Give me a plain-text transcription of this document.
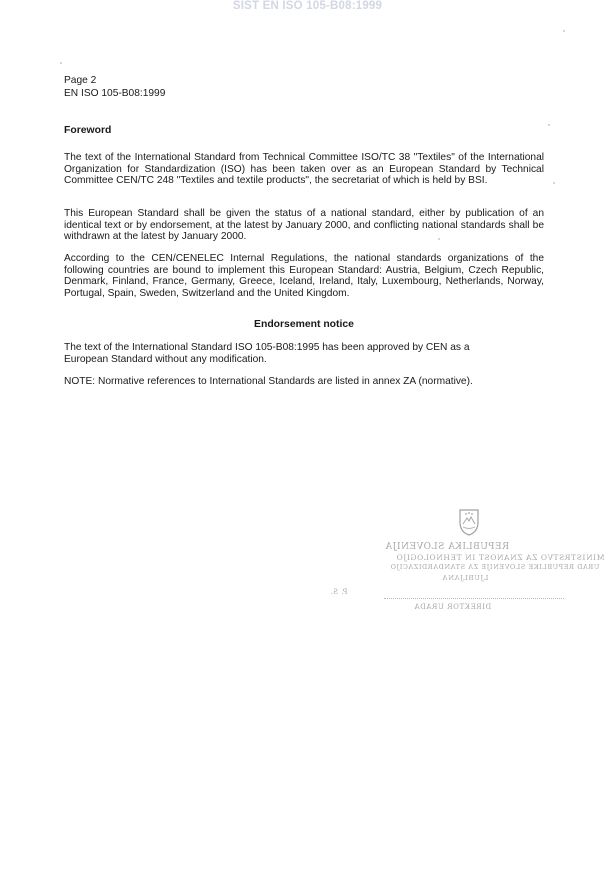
SIST EN ISO 105-B08:1999
Page 2
EN ISO 105-B08:1999
Foreword
The text of the International Standard from Technical Committee ISO/TC 38 "Textiles" of the International Organization for Standardization (ISO) has been taken over as an European Standard by Technical Committee CEN/TC 248 "Textiles and textile products", the secretariat of which is held by BSI.
This European Standard shall be given the status of a national standard, either by publication of an identical text or by endorsement, at the latest by January 2000, and conflicting national standards shall be withdrawn at the latest by January 2000.
According to the CEN/CENELEC Internal Regulations, the national standards organizations of the following countries are bound to implement this European Standard: Austria, Belgium, Czech Republic, Denmark, Finland, France, Germany, Greece, Iceland, Ireland, Italy, Luxembourg, Netherlands, Norway, Portugal, Spain, Sweden, Switzerland and the United Kingdom.
Endorsement notice
The text of the International Standard ISO 105-B08:1995 has been approved by CEN as a European Standard without any modification.
NOTE: Normative references to International Standards are listed in annex ZA (normative).
REPUBLIKA SLOVENIJA
MINISTRSTVO ZA ZNANOST IN TEHNOLOGIJO
URAD REPUBLIKE SLOVENIJE ZA STANDARDIZACIJO
LJUBLJANA
P. S.
DIREKTOR URADA
